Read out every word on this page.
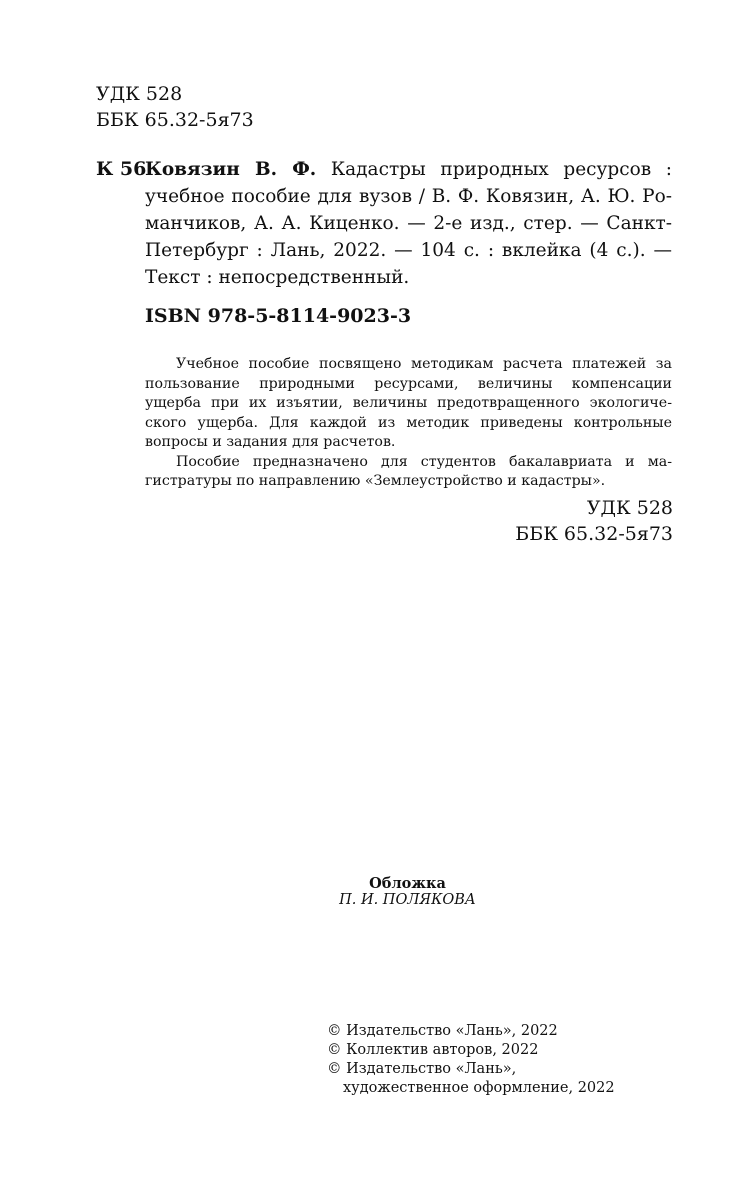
УДК 528
ББК 65.32-5я73
К 56
Ковязин В. Ф. Кадастры природных ресурсов :
учебное пособие для вузов / В. Ф. Ковязин, А. Ю. Ро-
манчиков, А. А. Киценко. — 2-е изд., стер. — Санкт-
Петербург : Лань, 2022. — 104 с. : вклейка (4 с.). —
Текст : непосредственный.
ISBN 978-5-8114-9023-3
Учебное пособие посвящено методикам расчета платежей за
пользование природными ресурсами, величины компенсации
ущерба при их изъятии, величины предотвращенного экологиче-
ского ущерба. Для каждой из методик приведены контрольные
вопросы и задания для расчетов.
Пособие предназначено для студентов бакалавриата и ма-
гистратуры по направлению «Землеустройство и кадастры».
УДК 528
ББК 65.32-5я73
Обложка
П. И. ПОЛЯКОВА
© Издательство «Лань», 2022
© Коллектив авторов, 2022
© Издательство «Лань»,
художественное оформление, 2022
